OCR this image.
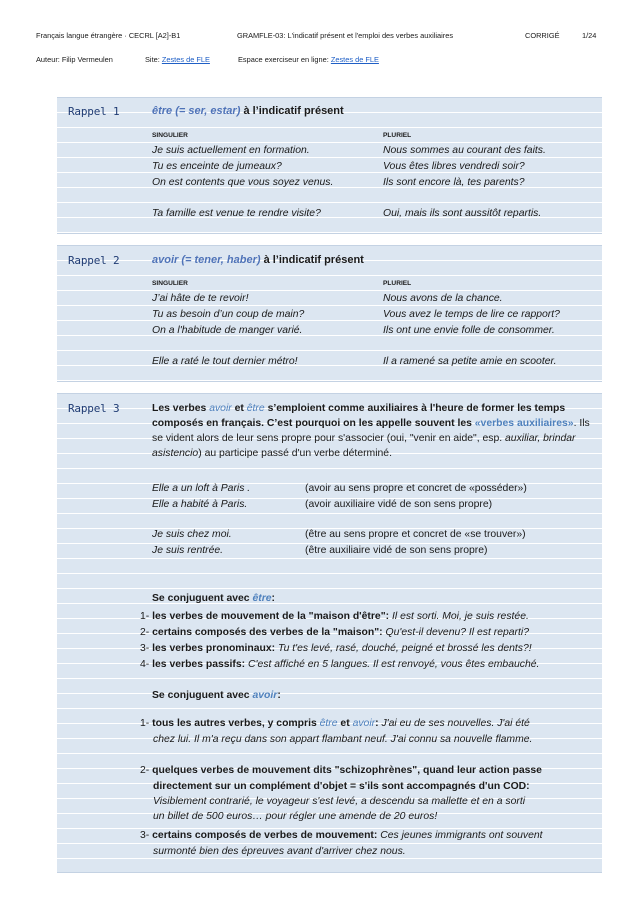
Français langue étrangère · CECRL [A2]-B1	GRAMFLE-03: L'indicatif présent et l'emploi des verbes auxiliaires	CORRIGÉ	1/24
Auteur: Filip Vermeulen	Site: Zestes de FLE	Espace exerciseur en ligne: Zestes de FLE
Rappel 1	être (= ser, estar) à l’indicatif présent
SINGULIER	PLURIEL
Je suis actuellement en formation.	Nous sommes au courant des faits.
Tu es enceinte de jumeaux?	Vous êtes libres vendredi soir?
On est contents que vous soyez venus.	Ils sont encore là, tes parents?
Ta famille est venue te rendre visite?	Oui, mais ils sont aussitôt repartis.
Rappel 2	avoir (= tener, haber) à l’indicatif présent
SINGULIER	PLURIEL
J’ai hâte de te revoir!	Nous avons de la chance.
Tu as besoin d’un coup de main?	Vous avez le temps de lire ce rapport?
On a l'habitude de manger varié.	Ils ont une envie folle de consommer.
Elle a raté le tout dernier métro!	Il a ramené sa petite amie en scooter.
Rappel 3	Les verbes avoir et être s’emploient comme auxiliaires à l'heure de former les temps composés en français. C’est pourquoi on les appelle souvent les «verbes auxiliaires». Ils se vident alors de leur sens propre pour s'associer (oui, "venir en aide", esp. auxiliar, brindar asistencio) au participe passé d'un verbe déterminé.
Elle a un loft à Paris .	(avoir au sens propre et concret de «posséder»)
Elle a habité à Paris.	(avoir auxiliaire vidé de son sens propre)
Je suis chez moi.	(être au sens propre et concret de «se trouver»)
Je suis rentrée.	(être auxiliaire vidé de son sens propre)
Se conjuguent avec être:
1- les verbes de mouvement de la "maison d'être": Il est sorti. Moi, je suis restée.
2- certains composés des verbes de la "maison": Qu'est-il devenu? Il est reparti?
3- les verbes pronominaux: Tu t'es levé, rasé, douché, peigné et brossé les dents?!
4- les verbes passifs: C'est affiché en 5 langues. Il est renvoyé, vous êtes embauché.
Se conjuguent avec avoir:
1- tous les autres verbes, y compris être et avoir: J'ai eu de ses nouvelles. J'ai été
chez lui. Il m'a reçu dans son appart flambant neuf. J'ai connu sa nouvelle flamme.
2- quelques verbes de mouvement dits "schizophrènes", quand leur action passe
directement sur un complément d'objet = s'ils sont accompagnés d'un COD:
Visiblement contrarié, le voyageur s'est levé, a descendu sa mallette et en a sorti
un billet de 500 euros… pour régler une amende de 20 euros!
3- certains composés de verbes de mouvement: Ces jeunes immigrants ont souvent
surmonté bien des épreuves avant d'arriver chez nous.
